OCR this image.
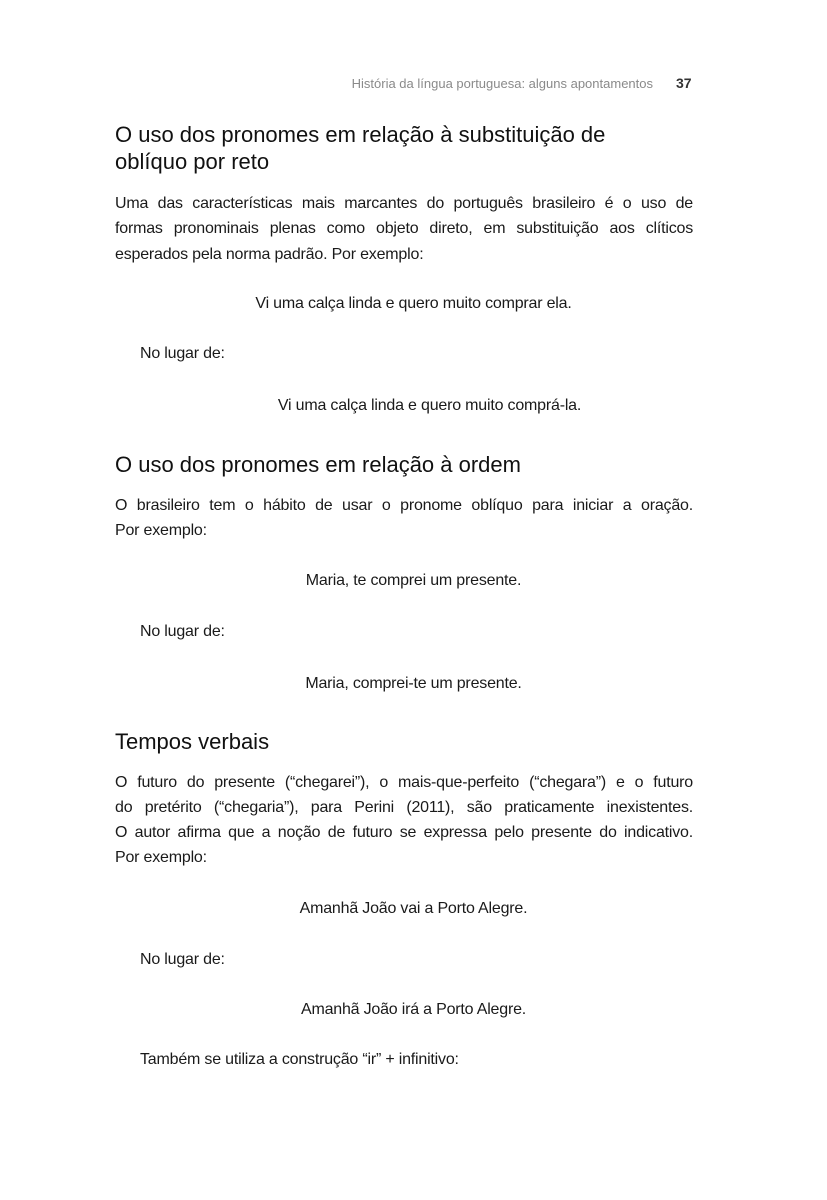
História da língua portuguesa: alguns apontamentos 37
O uso dos pronomes em relação à substituição de
oblíquo por reto
Uma das características mais marcantes do português brasileiro é o uso de
formas pronominais plenas como objeto direto, em substituição aos clíticos
esperados pela norma padrão. Por exemplo:
Vi uma calça linda e quero muito comprar ela.
No lugar de:
Vi uma calça linda e quero muito comprá-la.
O uso dos pronomes em relação à ordem
O brasileiro tem o hábito de usar o pronome oblíquo para iniciar a oração.
Por exemplo:
Maria, te comprei um presente.
No lugar de:
Maria, comprei-te um presente.
Tempos verbais
O futuro do presente (“chegarei”), o mais-que-perfeito (“chegara”) e o futuro
do pretérito (“chegaria”), para Perini (2011), são praticamente inexistentes.
O autor afirma que a noção de futuro se expressa pelo presente do indicativo.
Por exemplo:
Amanhã João vai a Porto Alegre.
No lugar de:
Amanhã João irá a Porto Alegre.
Também se utiliza a construção “ir” + infinitivo:
